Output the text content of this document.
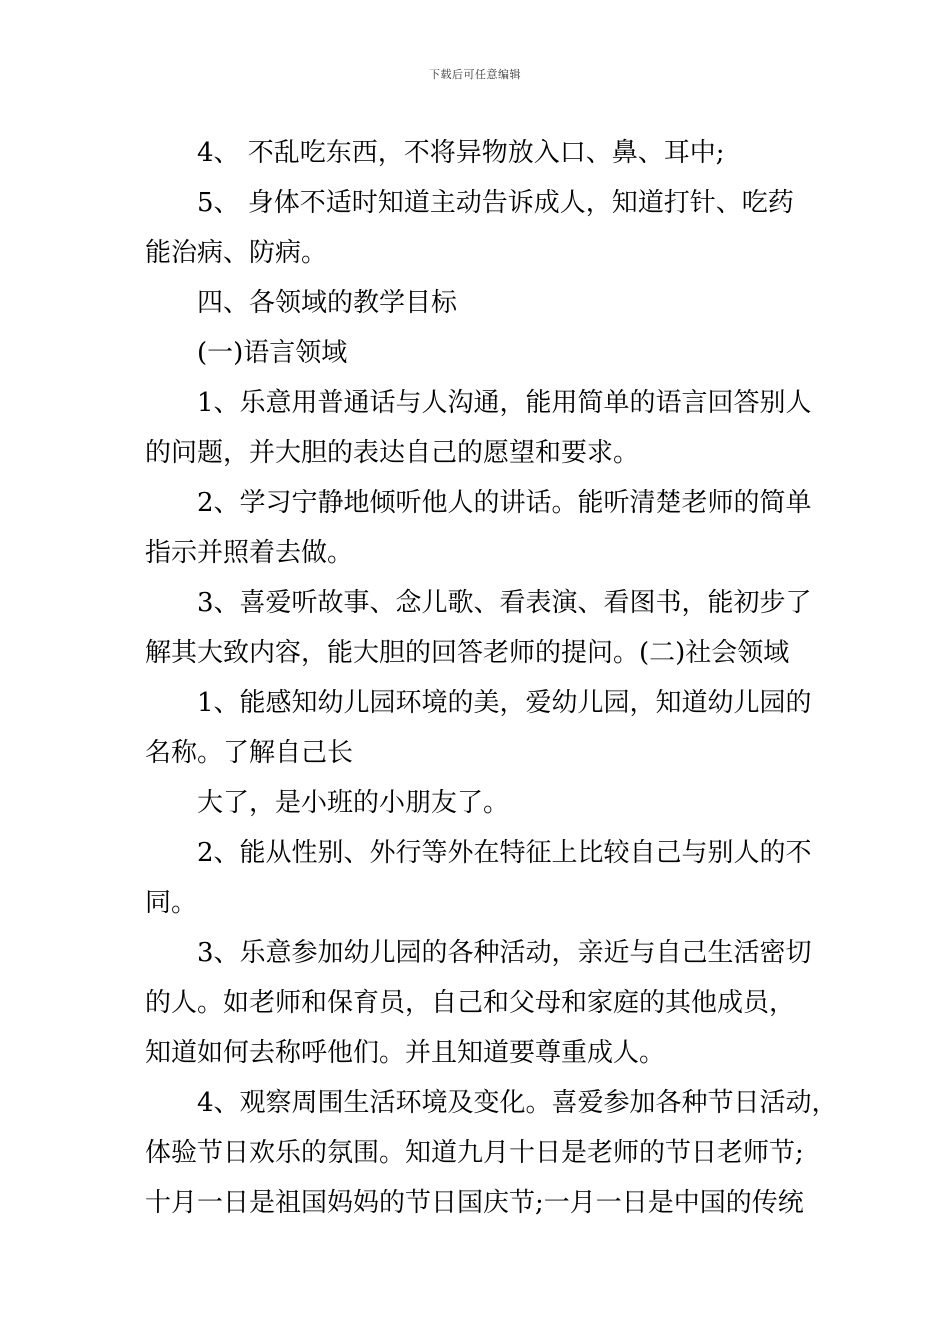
下载后可任意编辑
4、 不乱吃东西，不将异物放入口、鼻、耳中;
5、 身体不适时知道主动告诉成人，知道打针、吃药
能治病、防病。
四、各领域的教学目标
(一)语言领域
1、乐意用普通话与人沟通，能用简单的语言回答别人
的问题，并大胆的表达自己的愿望和要求。
2、学习宁静地倾听他人的讲话。能听清楚老师的简单
指示并照着去做。
3、喜爱听故事、念儿歌、看表演、看图书，能初步了
解其大致内容，能大胆的回答老师的提问。(二)社会领域
1、能感知幼儿园环境的美，爱幼儿园，知道幼儿园的
名称。了解自己长
大了，是小班的小朋友了。
2、能从性别、外行等外在特征上比较自己与别人的不
同。
3、乐意参加幼儿园的各种活动，亲近与自己生活密切
的人。如老师和保育员，自己和父母和家庭的其他成员，
知道如何去称呼他们。并且知道要尊重成人。
4、观察周围生活环境及变化。喜爱参加各种节日活动，
体验节日欢乐的氛围。知道九月十日是老师的节日老师节;
十月一日是祖国妈妈的节日国庆节;一月一日是中国的传统
